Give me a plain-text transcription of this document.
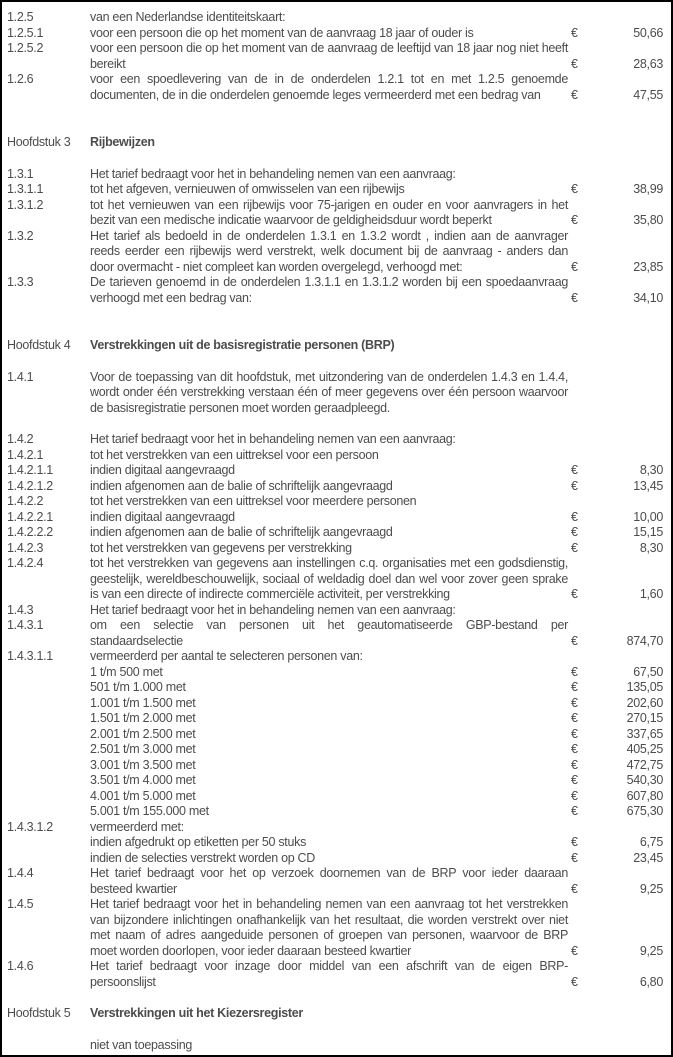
1.2.5	van een Nederlandse identiteitskaart:
1.2.5.1	voor een persoon die op het moment van de aanvraag 18 jaar of ouder is	€	50,66
1.2.5.2	voor een persoon die op het moment van de aanvraag de leeftijd van 18 jaar nog niet heeft bereikt	€	28,63
1.2.6	voor een spoedlevering van de in de onderdelen 1.2.1 tot en met 1.2.5 genoemde documenten, de in die onderdelen genoemde leges vermeerderd met een bedrag van	€	47,55
Hoofdstuk 3	Rijbewijzen
1.3.1	Het tarief bedraagt voor het in behandeling nemen van een aanvraag:
1.3.1.1	tot het afgeven, vernieuwen of omwisselen van een rijbewijs	€	38,99
1.3.1.2	tot het vernieuwen van een rijbewijs voor 75-jarigen en ouder en voor aanvragers in het bezit van een medische indicatie waarvoor de geldigheidsduur wordt beperkt	€	35,80
1.3.2	Het tarief als bedoeld in de onderdelen 1.3.1 en 1.3.2 wordt , indien aan de aanvrager reeds eerder een rijbewijs werd verstrekt, welk document bij de aanvraag - anders dan door overmacht - niet compleet kan worden overgelegd, verhoogd met:	€	23,85
1.3.3	De tarieven genoemd in de onderdelen 1.3.1.1 en 1.3.1.2 worden bij een spoedaanvraag verhoogd met een bedrag van:	€	34,10
Hoofdstuk 4	Verstrekkingen uit de basisregistratie personen (BRP)
1.4.1	Voor de toepassing van dit hoofdstuk, met uitzondering van de onderdelen 1.4.3 en 1.4.4, wordt onder één verstrekking verstaan één of meer gegevens over één persoon waarvoor de basisregistratie personen moet worden geraadpleegd.
1.4.2	Het tarief bedraagt voor het in behandeling nemen van een aanvraag:
1.4.2.1	tot het verstrekken van een uittreksel voor een persoon
1.4.2.1.1	indien digitaal aangevraagd	€	8,30
1.4.2.1.2	indien afgenomen aan de balie of schriftelijk aangevraagd	€	13,45
1.4.2.2	tot het verstrekken van een uittreksel voor meerdere personen
1.4.2.2.1	indien digitaal aangevraagd	€	10,00
1.4.2.2.2	indien afgenomen aan de balie of schriftelijk aangevraagd	€	15,15
1.4.2.3	tot het verstrekken van gegevens per verstrekking	€	8,30
1.4.2.4	tot het verstrekken van gegevens aan instellingen c.q. organisaties met een godsdienstig, geestelijk, wereldbeschouwelijk, sociaal of weldadig doel dan wel voor zover geen sprake is van een directe of indirecte commerciële activiteit, per verstrekking	€	1,60
1.4.3	Het tarief bedraagt voor het in behandeling nemen van een aanvraag:
1.4.3.1	om een selectie van personen uit het geautomatiseerde GBP-bestand per standaardselectie	€	874,70
1.4.3.1.1	vermeerderd per aantal te selecteren personen van:
1 t/m 500 met	€	67,50
501 t/m 1.000 met	€	135,05
1.001 t/m 1.500 met	€	202,60
1.501 t/m 2.000 met	€	270,15
2.001 t/m 2.500 met	€	337,65
2.501 t/m 3.000 met	€	405,25
3.001 t/m 3.500 met	€	472,75
3.501 t/m 4.000 met	€	540,30
4.001 t/m 5.000 met	€	607,80
5.001 t/m 155.000 met	€	675,30
1.4.3.1.2	vermeerderd met:
indien afgedrukt op etiketten per 50 stuks	€	6,75
indien de selecties verstrekt worden op CD	€	23,45
1.4.4	Het tarief bedraagt voor het op verzoek doornemen van de BRP voor ieder daaraan besteed kwartier	€	9,25
1.4.5	Het tarief bedraagt voor het in behandeling nemen van een aanvraag tot het verstrekken van bijzondere inlichtingen onafhankelijk van het resultaat, die worden verstrekt over niet met naam of adres aangeduide personen of groepen van personen, waarvoor de BRP moet worden doorlopen, voor ieder daaraan besteed kwartier	€	9,25
1.4.6	Het tarief bedraagt voor inzage door middel van een afschrift van de eigen BRP-persoonslijst	€	6,80
Hoofdstuk 5	Verstrekkingen uit het Kiezersregister
niet van toepassing
